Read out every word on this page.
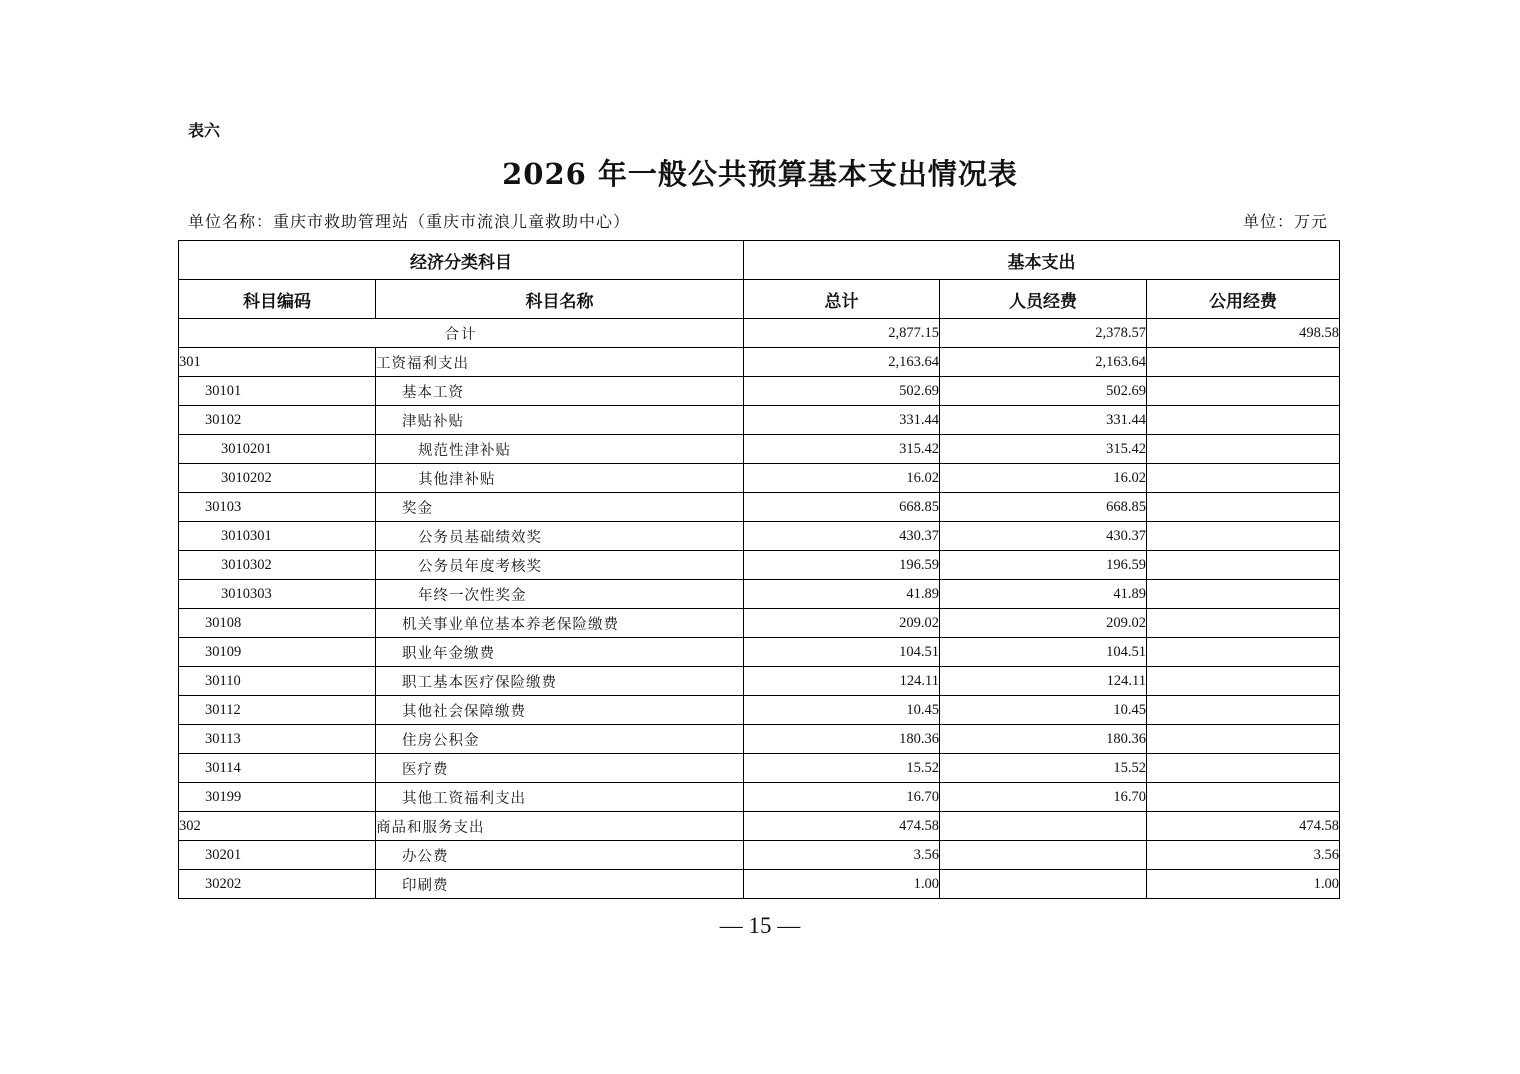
表六
2026 年一般公共预算基本支出情况表
单位名称：重庆市救助管理站（重庆市流浪儿童救助中心）	单位：万元
经济分类科目		基本支出		
科目编码	科目名称	总计	人员经费	公用经费
合计		2,877.15	2,378.57	498.58
301	工资福利支出	2,163.64	2,163.64	
30101	基本工资	502.69	502.69	
30102	津贴补贴	331.44	331.44	
3010201	规范性津补贴	315.42	315.42	
3010202	其他津补贴	16.02	16.02	
30103	奖金	668.85	668.85	
3010301	公务员基础绩效奖	430.37	430.37	
3010302	公务员年度考核奖	196.59	196.59	
3010303	年终一次性奖金	41.89	41.89	
30108	机关事业单位基本养老保险缴费	209.02	209.02	
30109	职业年金缴费	104.51	104.51	
30110	职工基本医疗保险缴费	124.11	124.11	
30112	其他社会保障缴费	10.45	10.45	
30113	住房公积金	180.36	180.36	
30114	医疗费	15.52	15.52	
30199	其他工资福利支出	16.70	16.70	
302	商品和服务支出	474.58		474.58
30201	办公费	3.56		3.56
30202	印刷费	1.00		1.00
— 15 —
